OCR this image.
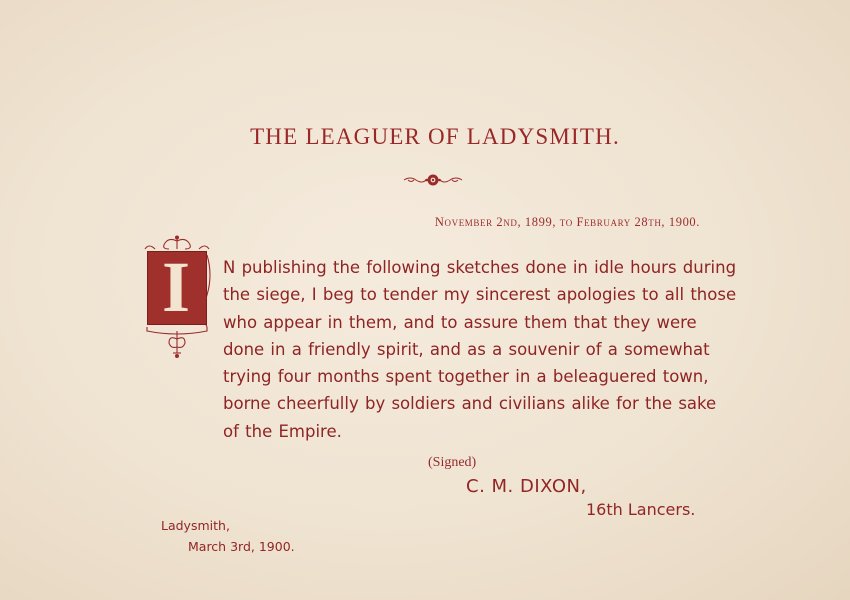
THE LEAGUER OF LADYSMITH.
November 2nd, 1899, to February 28th, 1900.
I	N publishing the following sketches done in idle hours during
the siege, I beg to tender my sincerest apologies to all those
who appear in them, and to assure them that they were
done in a friendly spirit, and as a souvenir of a somewhat
trying four months spent together in a beleaguered town,
borne cheerfully by soldiers and civilians alike for the sake
of the Empire.

(Signed)
C. M. DIXON,
16th Lancers.
Ladysmith,
March 3rd, 1900.
